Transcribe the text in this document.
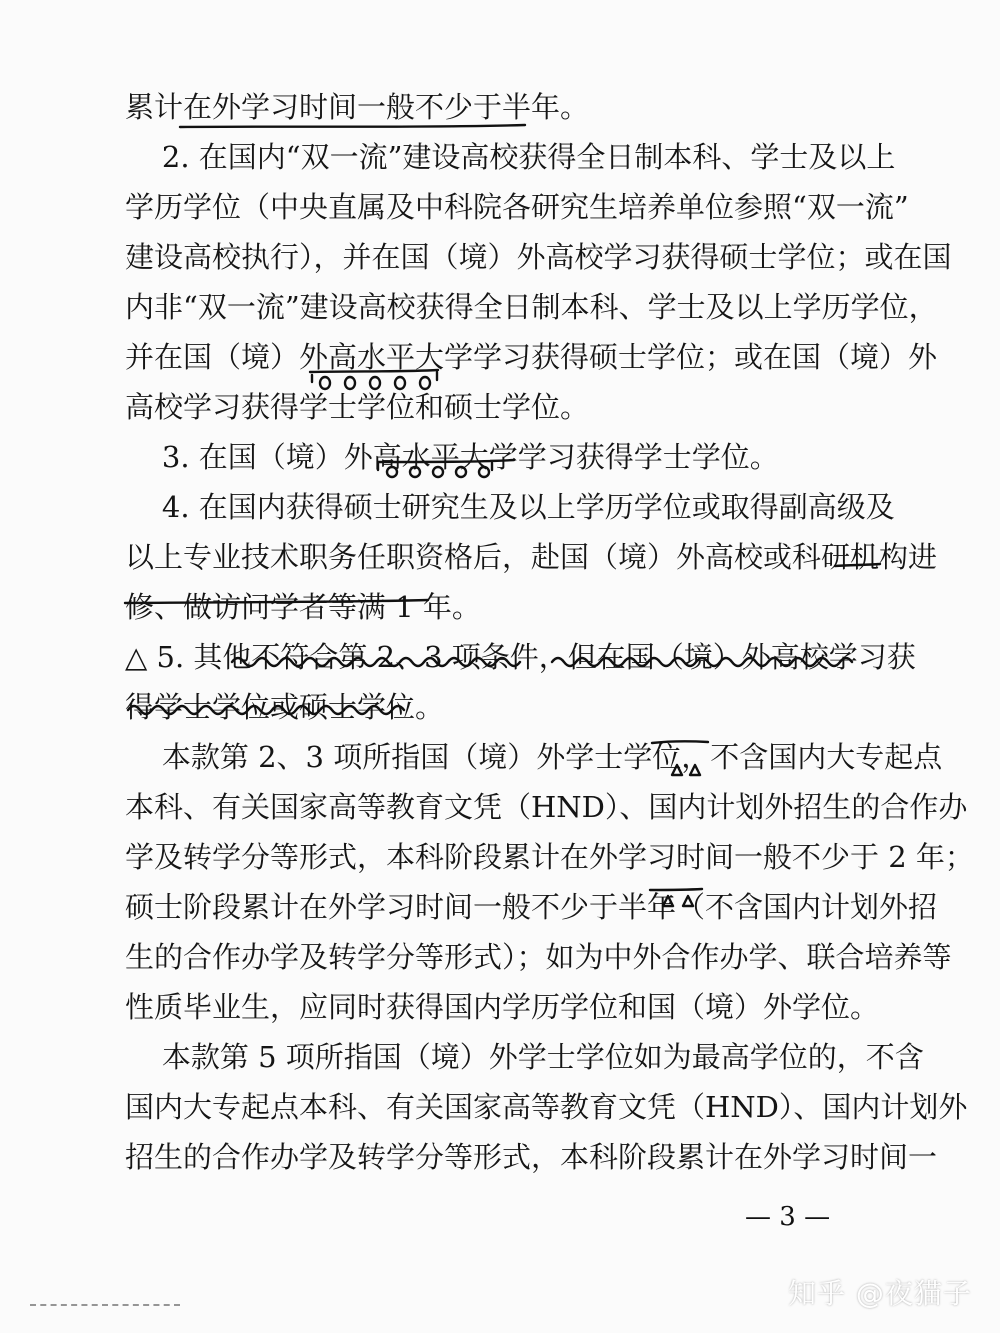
累计在外学习时间一般不少于半年。
2. 在国内“双一流”建设高校获得全日制本科、学士及以上
学历学位（中央直属及中科院各研究生培养单位参照“双一流”
建设高校执行），并在国（境）外高校学习获得硕士学位；或在国
内非“双一流”建设高校获得全日制本科、学士及以上学历学位，
并在国（境）外高水平大学学习获得硕士学位；或在国（境）外
高校学习获得学士学位和硕士学位。
3. 在国（境）外高水平大学学习获得学士学位。
4. 在国内获得硕士研究生及以上学历学位或取得副高级及
以上专业技术职务任职资格后，赴国（境）外高校或科研机构进
修、做访问学者等满 1 年。
△ 5. 其他不符合第 2、3 项条件，但在国（境）外高校学习获
得学士学位或硕士学位。
本款第 2、3 项所指国（境）外学士学位，不含国内大专起点
本科、有关国家高等教育文凭（HND）、国内计划外招生的合作办
学及转学分等形式，本科阶段累计在外学习时间一般不少于 2 年；
硕士阶段累计在外学习时间一般不少于半年（不含国内计划外招
生的合作办学及转学分等形式）；如为中外合作办学、联合培养等
性质毕业生，应同时获得国内学历学位和国（境）外学位。
本款第 5 项所指国（境）外学士学位如为最高学位的，不含
国内大专起点本科、有关国家高等教育文凭（HND）、国内计划外
招生的合作办学及转学分等形式，本科阶段累计在外学习时间一
— 3 —
知乎 @夜猫子
